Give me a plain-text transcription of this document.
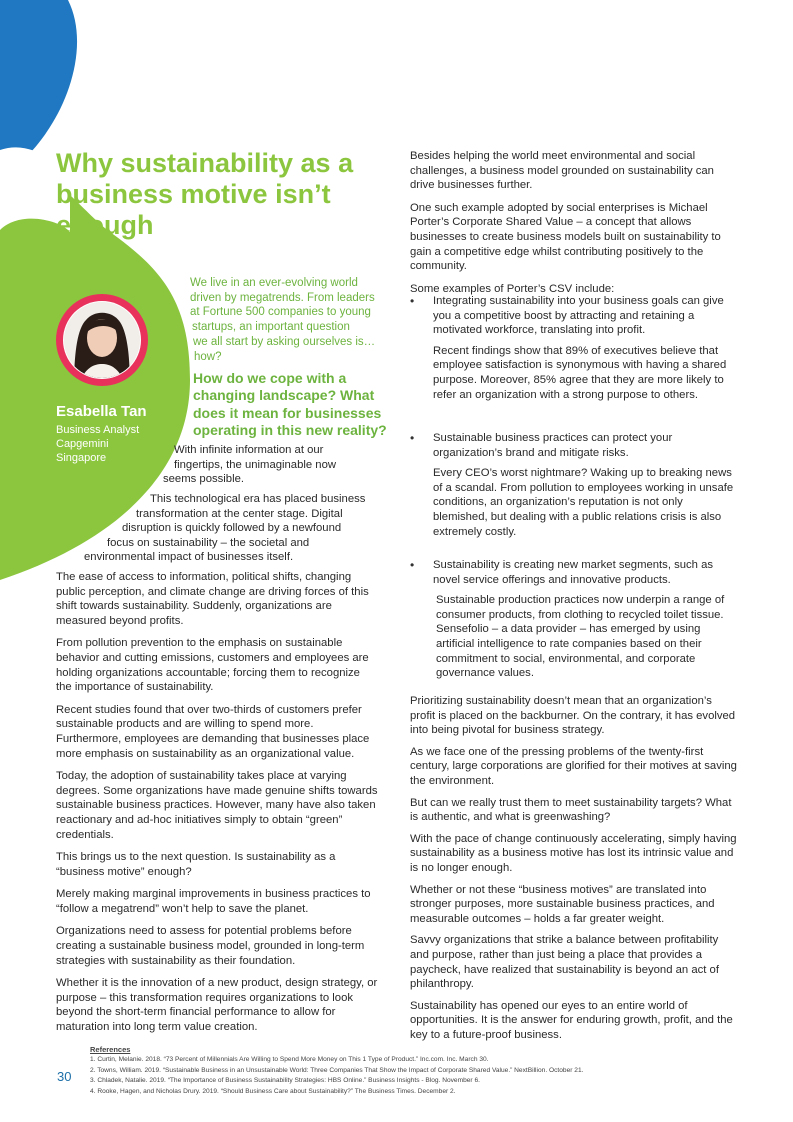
Why sustainability as a
business motive isn’t
enough
Esabella Tan
Business Analyst
Capgemini
Singapore
We live in an ever-evolving world
driven by megatrends. From leaders
at Fortune 500 companies to young
startups, an important question
we all start by asking ourselves is…
how?
How do we cope with a
changing landscape? What
does it mean for businesses
operating in this new reality?
With infinite information at our
fingertips, the unimaginable now
seems possible.
This technological era has placed business
transformation at the center stage. Digital
disruption is quickly followed by a newfound
focus on sustainability – the societal and
environmental impact of businesses itself.

The ease of access to information, political shifts, changing public perception, and climate change are driving forces of this shift towards sustainability. Suddenly, organizations are measured beyond profits.

From pollution prevention to the emphasis on sustainable behavior and cutting emissions, customers and employees are holding organizations accountable; forcing them to recognize the importance of sustainability.

Recent studies found that over two-thirds of customers prefer sustainable products and are willing to spend more. Furthermore, employees are demanding that businesses place more emphasis on sustainability as an organizational value.

Today, the adoption of sustainability takes place at varying degrees. Some organizations have made genuine shifts towards sustainable business practices. However, many have also taken reactionary and ad-hoc initiatives simply to obtain “green” credentials.

This brings us to the next question. Is sustainability as a “business motive” enough?

Merely making marginal improvements in business practices to “follow a megatrend” won’t help to save the planet.

Organizations need to assess for potential problems before creating a sustainable business model, grounded in long-term strategies with sustainability as their foundation.

Whether it is the innovation of a new product, design strategy, or purpose – this transformation requires organizations to look beyond the short-term financial performance to allow for maturation into long term value creation.

Besides helping the world meet environmental and social challenges, a business model grounded on sustainability can drive businesses further.

One such example adopted by social enterprises is Michael Porter’s Corporate Shared Value – a concept that allows businesses to create business models built on sustainability to gain a competitive edge whilst contributing positively to the community.

Some examples of Porter’s CSV include:

• Integrating sustainability into your business goals can give you a competitive boost by attracting and retaining a motivated workforce, translating into profit.

Recent findings show that 89% of executives believe that employee satisfaction is synonymous with having a shared purpose. Moreover, 85% agree that they are more likely to refer an organization with a strong purpose to others.

• Sustainable business practices can protect your organization’s brand and mitigate risks.

Every CEO’s worst nightmare? Waking up to breaking news of a scandal. From pollution to employees working in unsafe conditions, an organization’s reputation is not only blemished, but dealing with a public relations crisis is also extremely costly.

• Sustainability is creating new market segments, such as novel service offerings and innovative products.

Sustainable production practices now underpin a range of consumer products, from clothing to recycled toilet tissue. Sensefolio – a data provider – has emerged by using artificial intelligence to rate companies based on their commitment to social, environmental, and corporate governance values.

Prioritizing sustainability doesn’t mean that an organization’s profit is placed on the backburner. On the contrary, it has evolved into being pivotal for business strategy.

As we face one of the pressing problems of the twenty-first century, large corporations are glorified for their motives at saving the environment.

But can we really trust them to meet sustainability targets? What is authentic, and what is greenwashing?

With the pace of change continuously accelerating, simply having sustainability as a business motive has lost its intrinsic value and is no longer enough.

Whether or not these “business motives” are translated into stronger purposes, more sustainable business practices, and measurable outcomes – holds a far greater weight.

Savvy organizations that strike a balance between profitability and purpose, rather than just being a place that provides a paycheck, have realized that sustainability is beyond an act of philanthropy.

Sustainability has opened our eyes to an entire world of opportunities. It is the answer for enduring growth, profit, and the key to a future-proof business.

References
1. Curtin, Melanie. 2018. “73 Percent of Millennials Are Willing to Spend More Money on This 1 Type of Product.” Inc.com. Inc. March 30.
2. Towns, William. 2019. “Sustainable Business in an Unsustainable World: Three Companies That Show the Impact of Corporate Shared Value.” NextBillion. October 21.
3. Chladek, Natalie. 2019. “The Importance of Business Sustainability Strategies: HBS Online.” Business Insights - Blog. November 6.
4. Rooke, Hagen, and Nicholas Drury. 2019. “Should Business Care about Sustainability?” The Business Times. December 2.
30
